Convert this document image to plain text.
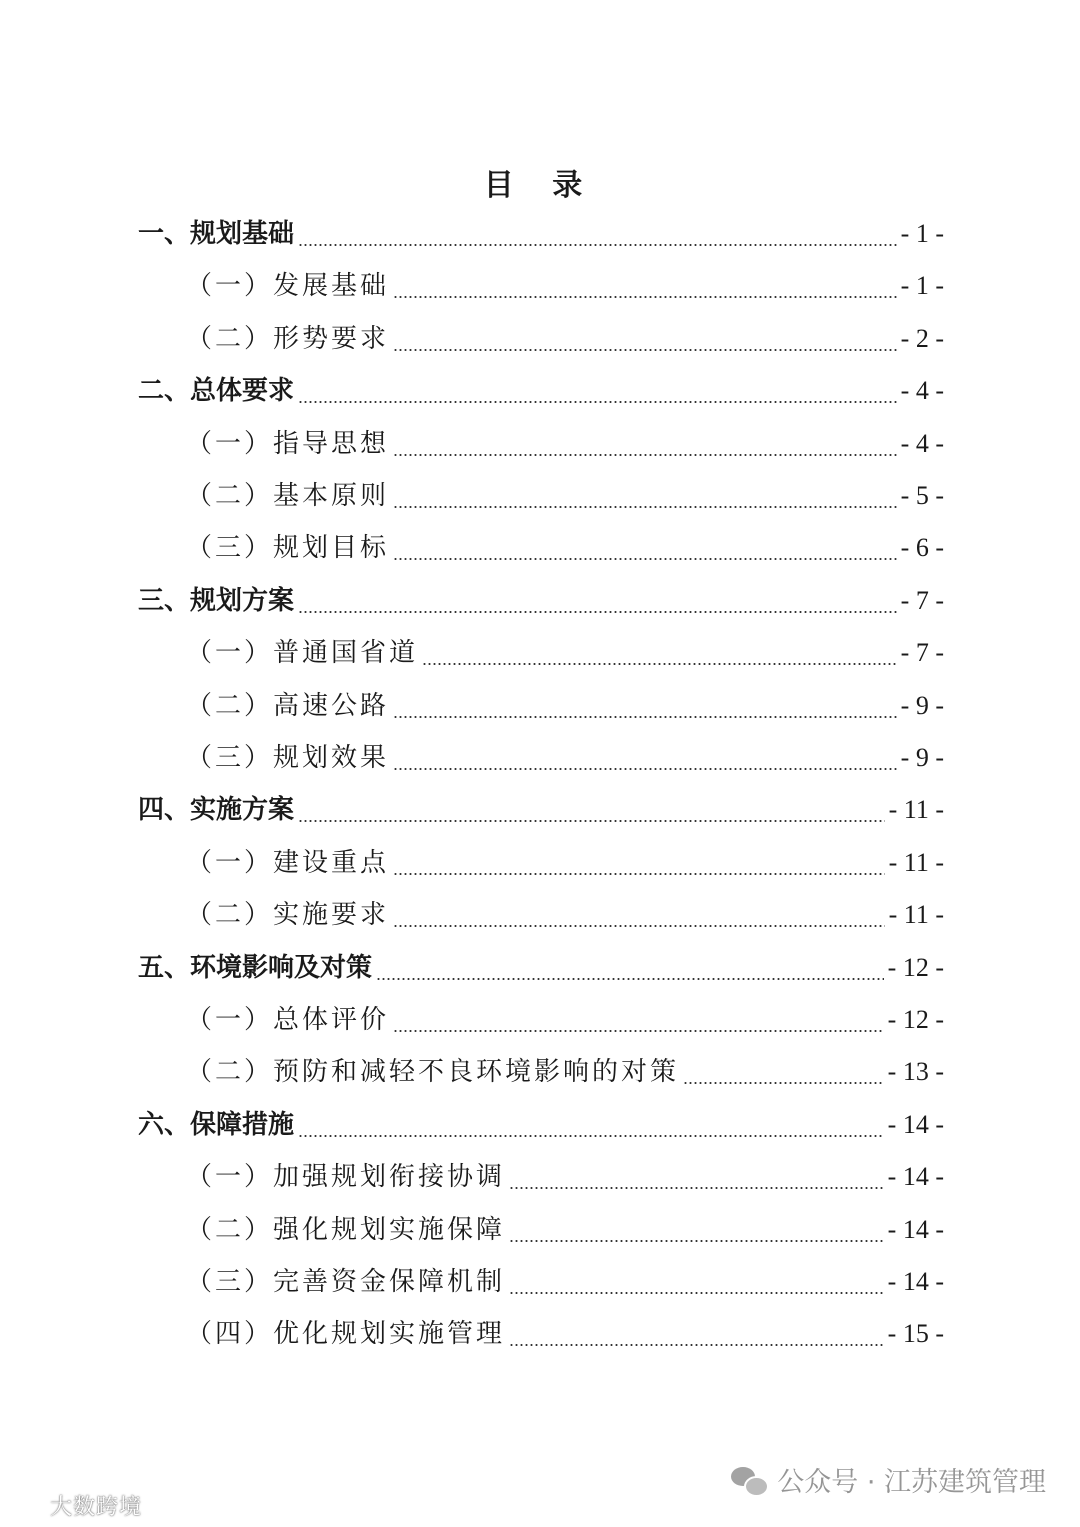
目 录
一、规划基础	- 1 -
（一）发展基础	- 1 -
（二）形势要求	- 2 -
二、总体要求	- 4 -
（一）指导思想	- 4 -
（二）基本原则	- 5 -
（三）规划目标	- 6 -
三、规划方案	- 7 -
（一）普通国省道	- 7 -
（二）高速公路	- 9 -
（三）规划效果	- 9 -
四、实施方案	- 11 -
（一）建设重点	- 11 -
（二）实施要求	- 11 -
五、环境影响及对策	- 12 -
（一）总体评价	- 12 -
（二）预防和减轻不良环境影响的对策	- 13 -
六、保障措施	- 14 -
（一）加强规划衔接协调	- 14 -
（二）强化规划实施保障	- 14 -
（三）完善资金保障机制	- 14 -
（四）优化规划实施管理	- 15 -
公众号 · 江苏建筑管理
大数跨境
